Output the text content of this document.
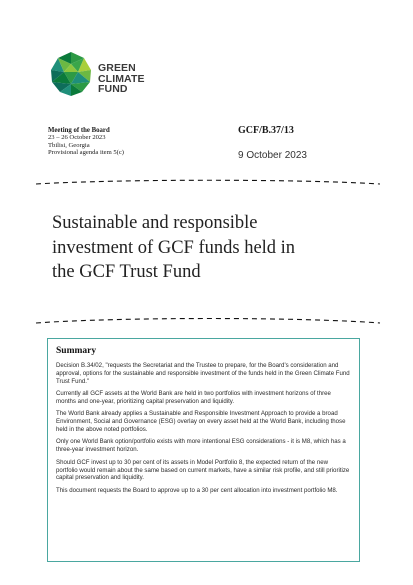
GREEN
CLIMATE
FUND
Meeting of the Board
23 – 26 October 2023
Tbilisi, Georgia
Provisional agenda item 5(c)
GCF/B.37/13
9 October 2023
Sustainable and responsible
investment of GCF funds held in
the GCF Trust Fund
Summary

Decision B.34/02, "requests the Secretariat and the Trustee to prepare, for the Board's consideration and approval, options for the sustainable and responsible investment of the funds held in the Green Climate Fund Trust Fund."

Currently all GCF assets at the World Bank are held in two portfolios with investment horizons of three months and one-year, prioritizing capital preservation and liquidity.

The World Bank already applies a Sustainable and Responsible Investment Approach to provide a broad Environment, Social and Governance (ESG) overlay on every asset held at the World Bank, including those held in the above noted portfolios.

Only one World Bank option/portfolio exists with more intentional ESG considerations - it is M8, which has a three-year investment horizon.

Should GCF invest up to 30 per cent of its assets in Model Portfolio 8, the expected return of the new portfolio would remain about the same based on current markets, have a similar risk profile, and still prioritize capital preservation and liquidity.

This document requests the Board to approve up to a 30 per cent allocation into investment portfolio M8.
